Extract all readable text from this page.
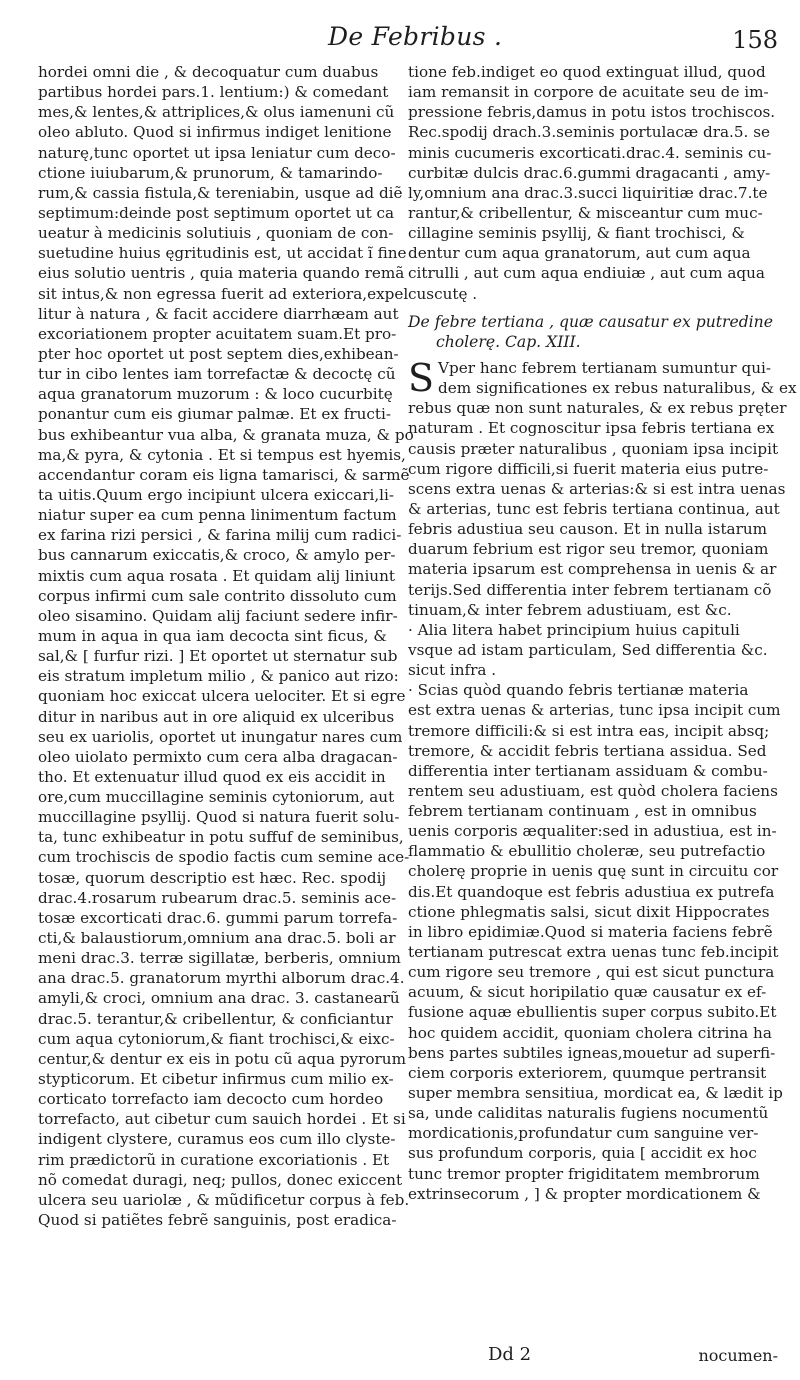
De Febribus .	158
hordei omni die , & decoquatur cum duabus
partibus hordei pars.1. lentium:) & comedant
mes,& lentes,& attriplices,& olus iamenuni cũ
oleo abluto. Quod si infirmus indiget lenitione
naturę,tunc oportet ut ipsa leniatur cum deco-
ctione iuiubarum,& prunorum, & tamarindo-
rum,& cassia fistula,& tereniabin, usque ad diẽ
septimum:deinde post septimum oportet ut ca
ueatur à medicinis solutiuis , quoniam de con-
suetudine huius ęgritudinis est, ut accidat ĩ fine
eius solutio uentris , quia materia quando remã
sit intus,& non egressa fuerit ad exteriora,expel
litur à natura , & facit accidere diarrhæam aut
excoriationem propter acuitatem suam.Et pro-
pter hoc oportet ut post septem dies,exhibean-
tur in cibo lentes iam torrefactæ & decoctę cũ
aqua granatorum muzorum : & loco cucurbitę
ponantur cum eis giumar palmæ. Et ex fructi-
bus exhibeantur vua alba, & granata muza, & po
ma,& pyra, & cytonia . Et si tempus est hyemis,
accendantur coram eis ligna tamarisci, & sarmẽ
ta uitis.Quum ergo incipiunt ulcera exiccari,li-
niatur super ea cum penna linimentum factum
ex farina rizi persici , & farina milij cum radici-
bus cannarum exiccatis,& croco, & amylo per-
mixtis cum aqua rosata . Et quidam alij liniunt
corpus infirmi cum sale contrito dissoluto cum
oleo sisamino. Quidam alij faciunt sedere infir-
mum in aqua in qua iam decocta sint ficus, &
sal,& [ furfur rizi. ] Et oportet ut sternatur sub
eis stratum impletum milio , & panico aut rizo:
quoniam hoc exiccat ulcera uelociter. Et si egre
ditur in naribus aut in ore aliquid ex ulceribus
seu ex uariolis, oportet ut inungatur nares cum
oleo uiolato permixto cum cera alba dragacan-
tho. Et extenuatur illud quod ex eis accidit in
ore,cum muccillagine seminis cytoniorum, aut
muccillagine psyllij. Quod si natura fuerit solu-
ta, tunc exhibeatur in potu suffuf de seminibus,
cum trochiscis de spodio factis cum semine ace-
tosæ, quorum descriptio est hæc. Rec. spodij
drac.4.rosarum rubearum drac.5. seminis ace-
tosæ excorticati drac.6. gummi parum torrefa-
cti,& balaustiorum,omnium ana drac.5. boli ar
meni drac.3. terræ sigillatæ, berberis, omnium
ana drac.5. granatorum myrthi alborum drac.4.
amyli,& croci, omnium ana drac. 3. castanearũ
drac.5. terantur,& cribellentur, & conficiantur
cum aqua cytoniorum,& fiant trochisci,& eixc-
centur,& dentur ex eis in potu cũ aqua pyrorum
stypticorum. Et cibetur infirmus cum milio ex-
corticato torrefacto iam decocto cum hordeo
torrefacto, aut cibetur cum sauich hordei . Et si
indigent clystere, curamus eos cum illo clyste-
rim prædictorũ in curatione excoriationis . Et
nõ comedat duragi, neq; pullos, donec exiccent
ulcera seu uariolæ , & mũdificetur corpus à feb.
Quod si patiẽtes febrẽ sanguinis, post eradica-
tione feb.indiget eo quod extinguat illud, quod
iam remansit in corpore de acuitate seu de im-
pressione febris,damus in potu istos trochiscos.
Rec.spodij drach.3.seminis portulacæ dra.5. se
minis cucumeris excorticati.drac.4. seminis cu-
curbitæ dulcis drac.6.gummi dragacanti , amy-
ly,omnium ana drac.3.succi liquiritiæ drac.7.te
rantur,& cribellentur, & misceantur cum muc-
cillagine seminis psyllij, & fiant trochisci, &
dentur cum aqua granatorum, aut cum aqua
citrulli , aut cum aqua endiuiæ , aut cum aqua
cuscutę .
De febre tertiana , quæ causatur ex putredine
cholerę. Cap. XIII.
S Vper hanc febrem tertianam sumuntur qui-
dem significationes ex rebus naturalibus, & ex
rebus quæ non sunt naturales, & ex rebus pręter
naturam . Et cognoscitur ipsa febris tertiana ex
causis præter naturalibus , quoniam ipsa incipit
cum rigore difficili,si fuerit materia eius putre-
scens extra uenas & arterias:& si est intra uenas
& arterias, tunc est febris tertiana continua, aut
febris adustiua seu causon. Et in nulla istarum
duarum febrium est rigor seu tremor, quoniam
materia ipsarum est comprehensa in uenis & ar
terijs.Sed differentia inter febrem tertianam cõ
tinuam,& inter febrem adustiuam, est &c.
· Alia litera habet principium huius capituli
vsque ad istam particulam, Sed differentia &c.
sicut infra .
· Scias quòd quando febris tertianæ materia
est extra uenas & arterias, tunc ipsa incipit cum
tremore difficili:& si est intra eas, incipit absq;
tremore, & accidit febris tertiana assidua. Sed
differentia inter tertianam assiduam & combu-
rentem seu adustiuam, est quòd cholera faciens
febrem tertianam continuam , est in omnibus
uenis corporis æqualiter:sed in adustiua, est in-
flammatio & ebullitio choleræ, seu putrefactio
cholerę proprie in uenis quę sunt in circuitu cor
dis.Et quandoque est febris adustiua ex putrefa
ctione phlegmatis salsi, sicut dixit Hippocrates
in libro epidimiæ.Quod si materia faciens febrẽ
tertianam putrescat extra uenas tunc feb.incipit
cum rigore seu tremore , qui est sicut punctura
acuum, & sicut horipilatio quæ causatur ex ef-
fusione aquæ ebullientis super corpus subito.Et
hoc quidem accidit, quoniam cholera citrina ha
bens partes subtiles igneas,mouetur ad superfi-
ciem corporis exteriorem, quumque pertransit
super membra sensitiua, mordicat ea, & lædit ip
sa, unde caliditas naturalis fugiens nocumentũ
mordicationis,profundatur cum sanguine ver-
sus profundum corporis, quia [ accidit ex hoc
tunc tremor propter frigiditatem membrorum
extrinsecorum , ] & propter mordicationem &
Dd 2	nocumen-
